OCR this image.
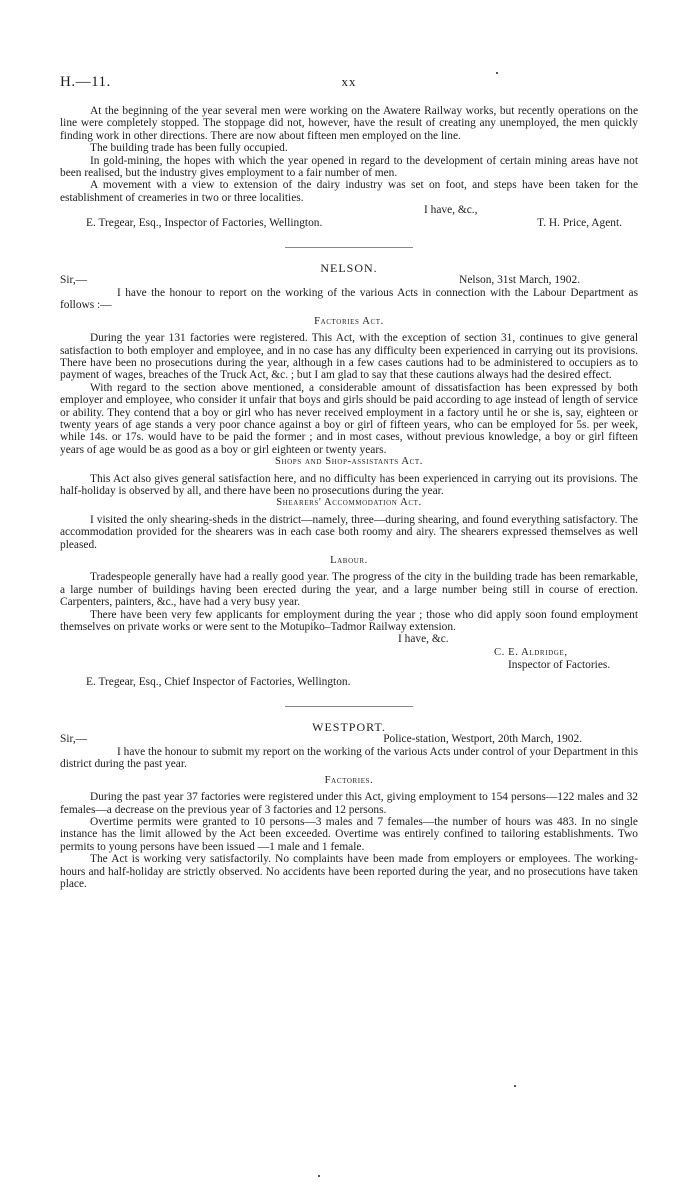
H.—11.	xx

At the beginning of the year several men were working on the Awatere Railway works, but recently operations on the line were completely stopped. The stoppage did not, however, have the result of creating any unemployed, the men quickly finding work in other directions. There are now about fifteen men employed on the line.

The building trade has been fully occupied.

In gold-mining, the hopes with which the year opened in regard to the development of certain mining areas have not been realised, but the industry gives employment to a fair number of men.

A movement with a view to extension of the dairy industry was set on foot, and steps have been taken for the establishment of creameries in two or three localities.

I have, &c.,

E. Tregear, Esq., Inspector of Factories, Wellington.	T. H. Price, Agent.

NELSON.

Sir,—	Nelson, 31st March, 1902.

I have the honour to report on the working of the various Acts in connection with the Labour Department as follows :—

Factories Act.

During the year 131 factories were registered. This Act, with the exception of section 31, continues to give general satisfaction to both employer and employee, and in no case has any difficulty been experienced in carrying out its provisions. There have been no prosecutions during the year, although in a few cases cautions had to be administered to occupiers as to payment of wages, breaches of the Truck Act, &c. ; but I am glad to say that these cautions always had the desired effect.

With regard to the section above mentioned, a considerable amount of dissatisfaction has been expressed by both employer and employee, who consider it unfair that boys and girls should be paid according to age instead of length of service or ability. They contend that a boy or girl who has never received employment in a factory until he or she is, say, eighteen or twenty years of age stands a very poor chance against a boy or girl of fifteen years, who can be employed for 5s. per week, while 14s. or 17s. would have to be paid the former ; and in most cases, without previous knowledge, a boy or girl fifteen years of age would be as good as a boy or girl eighteen or twenty years.

Shops and Shop-assistants Act.

This Act also gives general satisfaction here, and no difficulty has been experienced in carrying out its provisions. The half-holiday is observed by all, and there have been no prosecutions during the year.

Shearers' Accommodation Act.

I visited the only shearing-sheds in the district—namely, three—during shearing, and found everything satisfactory. The accommodation provided for the shearers was in each case both roomy and airy. The shearers expressed themselves as well pleased.

Labour.

Tradespeople generally have had a really good year. The progress of the city in the building trade has been remarkable, a large number of buildings having been erected during the year, and a large number being still in course of erection. Carpenters, painters, &c., have had a very busy year.

There have been very few applicants for employment during the year ; those who did apply soon found employment themselves on private works or were sent to the Motupiko–Tadmor Railway extension.

I have, &c.

C. E. Aldridge,

Inspector of Factories.

E. Tregear, Esq., Chief Inspector of Factories, Wellington.

WESTPORT.

Sir,—	Police-station, Westport, 20th March, 1902.

I have the honour to submit my report on the working of the various Acts under control of your Department in this district during the past year.

Factories.

During the past year 37 factories were registered under this Act, giving employment to 154 persons—122 males and 32 females—a decrease on the previous year of 3 factories and 12 persons.

Overtime permits were granted to 10 persons—3 males and 7 females—the number of hours was 483. In no single instance has the limit allowed by the Act been exceeded. Overtime was entirely confined to tailoring establishments. Two permits to young persons have been issued —1 male and 1 female.

The Act is working very satisfactorily. No complaints have been made from employers or employees. The working-hours and half-holiday are strictly observed. No accidents have been reported during the year, and no prosecutions have taken place.
